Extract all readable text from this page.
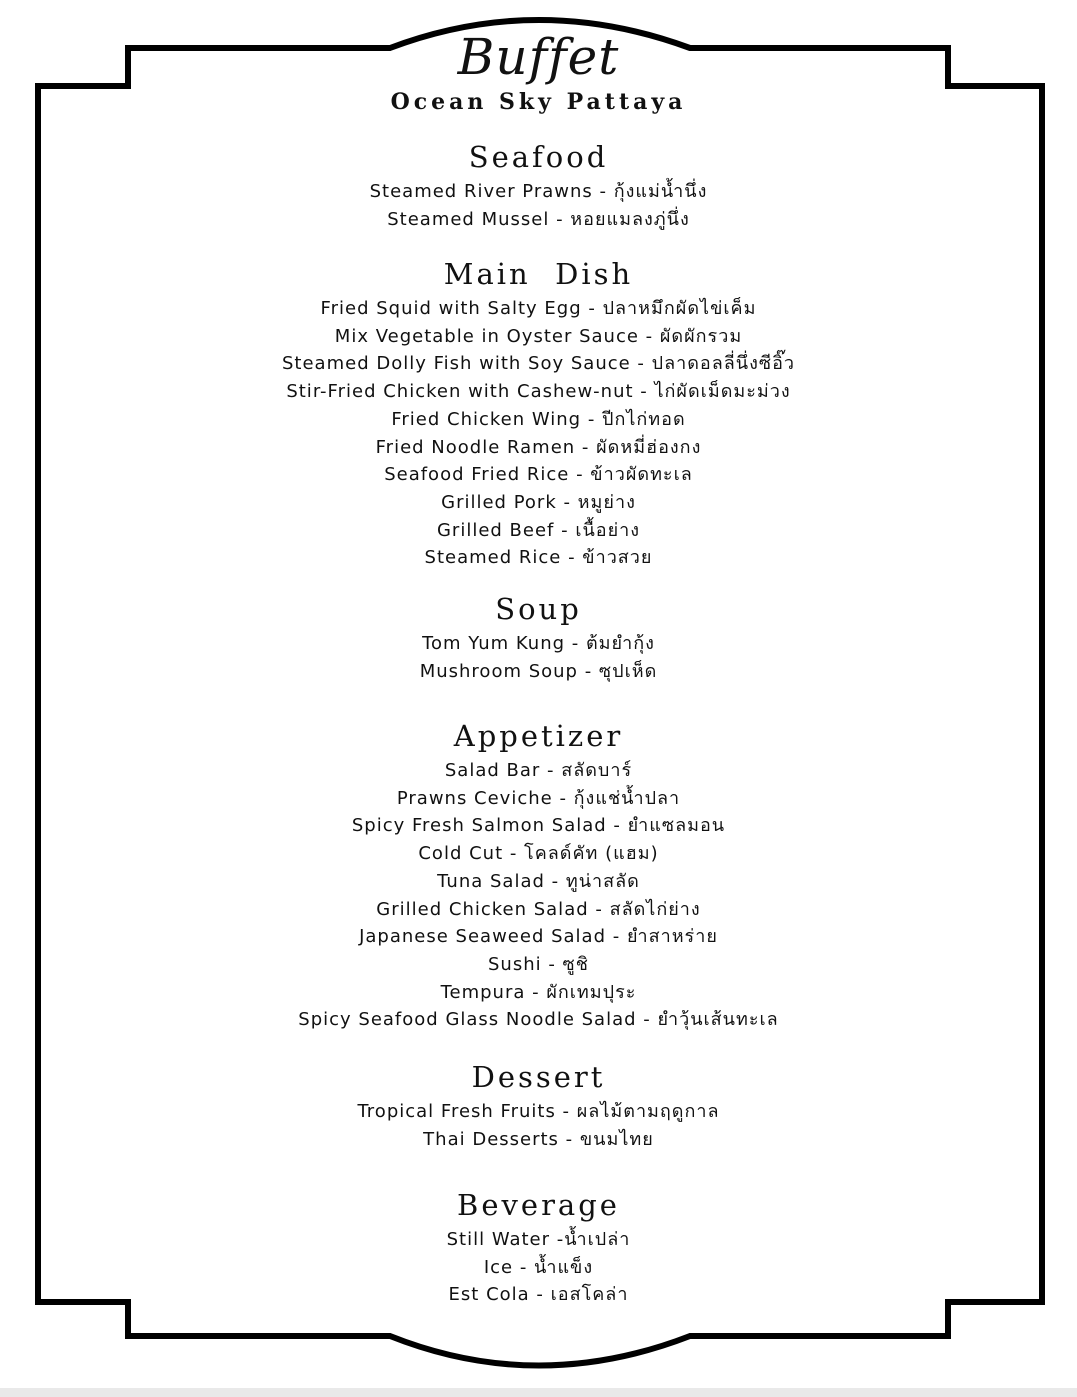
Buffet
Ocean Sky Pattaya
Seafood
Steamed River Prawns - กุ้งแม่น้ำนึ่ง
Steamed Mussel - หอยแมลงภู่นึ่ง
Main  Dish
Fried Squid with Salty Egg - ปลาหมึกผัดไข่เค็ม
Mix Vegetable in Oyster Sauce - ผัดผักรวม
Steamed Dolly Fish with Soy Sauce - ปลาดอลลี่นึ่งซีอิ๊ว
Stir-Fried Chicken with Cashew-nut - ไก่ผัดเม็ดมะม่วง
Fried Chicken Wing - ปีกไก่ทอด
Fried Noodle Ramen - ผัดหมี่ฮ่องกง
Seafood Fried Rice - ข้าวผัดทะเล
Grilled Pork - หมูย่าง
Grilled Beef - เนื้อย่าง
Steamed Rice - ข้าวสวย
Soup
Tom Yum Kung - ต้มยำกุ้ง
Mushroom Soup - ซุปเห็ด
Appetizer
Salad Bar - สลัดบาร์
Prawns Ceviche - กุ้งแช่น้ำปลา
Spicy Fresh Salmon Salad - ยำแซลมอน
Cold Cut - โคลด์คัท (แฮม)
Tuna Salad - ทูน่าสลัด
Grilled Chicken Salad - สลัดไก่ย่าง
Japanese Seaweed Salad - ยำสาหร่าย
Sushi - ซูชิ
Tempura - ผักเทมปุระ
Spicy Seafood Glass Noodle Salad - ยำวุ้นเส้นทะเล
Dessert
Tropical Fresh Fruits - ผลไม้ตามฤดูกาล
Thai Desserts - ขนมไทย
Beverage
Still Water -น้ำเปล่า
Ice - น้ำแข็ง
Est Cola - เอสโคล่า
